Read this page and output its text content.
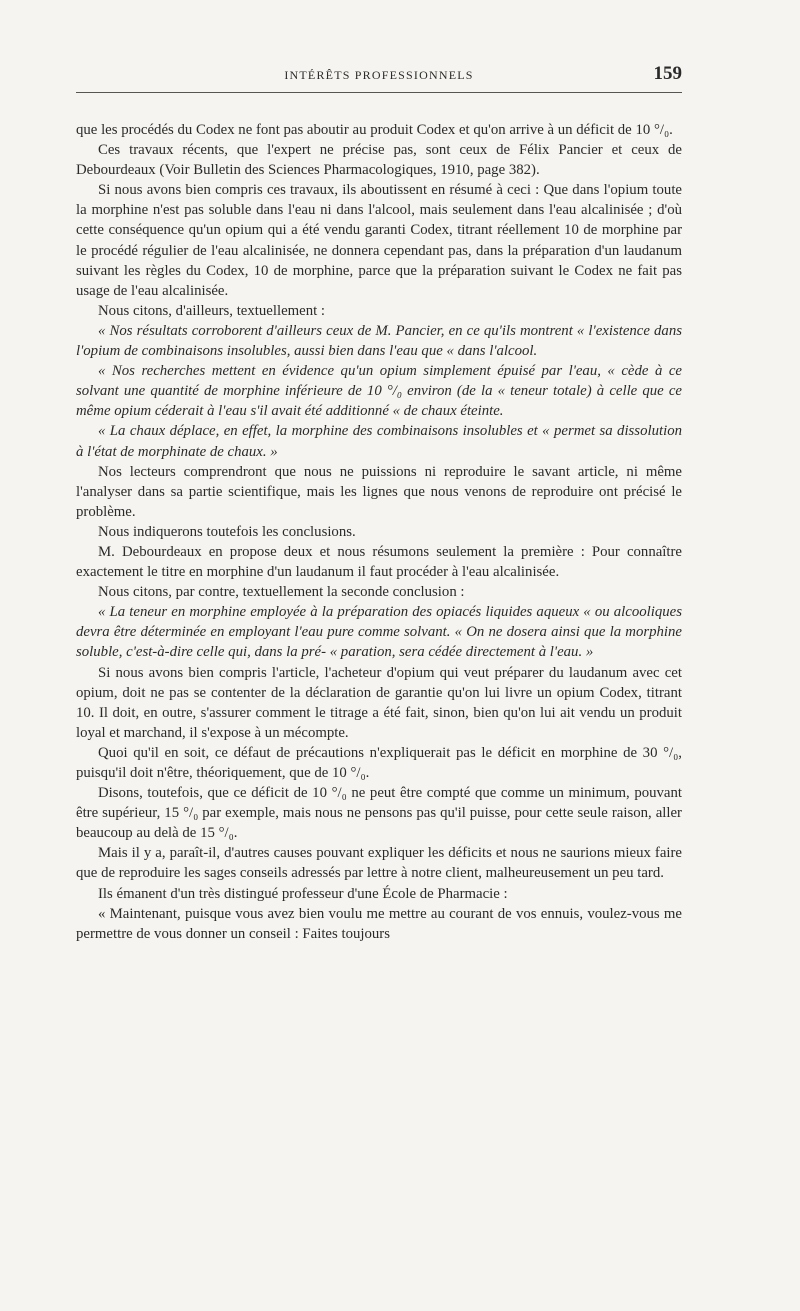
INTÉRÊTS PROFESSIONNELS	159

que les procédés du Codex ne font pas aboutir au produit Codex et qu'on arrive à un déficit de 10 °/₀.

Ces travaux récents, que l'expert ne précise pas, sont ceux de Félix Pancier et ceux de Debourdeaux (Voir Bulletin des Sciences Pharmacologiques, 1910, page 382).

Si nous avons bien compris ces travaux, ils aboutissent en résumé à ceci : Que dans l'opium toute la morphine n'est pas soluble dans l'eau ni dans l'alcool, mais seulement dans l'eau alcalinisée ; d'où cette conséquence qu'un opium qui a été vendu garanti Codex, titrant réellement 10 de morphine par le procédé régulier de l'eau alcalinisée, ne donnera cependant pas, dans la préparation d'un laudanum suivant les règles du Codex, 10 de morphine, parce que la préparation suivant le Codex ne fait pas usage de l'eau alcalinisée.

Nous citons, d'ailleurs, textuellement :

« Nos résultats corroborent d'ailleurs ceux de M. Pancier, en ce qu'ils montrent « l'existence dans l'opium de combinaisons insolubles, aussi bien dans l'eau que « dans l'alcool.

« Nos recherches mettent en évidence qu'un opium simplement épuisé par l'eau, « cède à ce solvant une quantité de morphine inférieure de 10 °/₀ environ (de la « teneur totale) à celle que ce même opium céderait à l'eau s'il avait été additionné « de chaux éteinte.

« La chaux déplace, en effet, la morphine des combinaisons insolubles et « permet sa dissolution à l'état de morphinate de chaux. »

Nos lecteurs comprendront que nous ne puissions ni reproduire le savant article, ni même l'analyser dans sa partie scientifique, mais les lignes que nous venons de reproduire ont précisé le problème.

Nous indiquerons toutefois les conclusions.

M. Debourdeaux en propose deux et nous résumons seulement la première : Pour connaître exactement le titre en morphine d'un laudanum il faut procéder à l'eau alcalinisée.

Nous citons, par contre, textuellement la seconde conclusion :

« La teneur en morphine employée à la préparation des opiacés liquides aqueux « ou alcooliques devra être déterminée en employant l'eau pure comme solvant. « On ne dosera ainsi que la morphine soluble, c'est-à-dire celle qui, dans la pré- « paration, sera cédée directement à l'eau. »

Si nous avons bien compris l'article, l'acheteur d'opium qui veut préparer du laudanum avec cet opium, doit ne pas se contenter de la déclaration de garantie qu'on lui livre un opium Codex, titrant 10. Il doit, en outre, s'assurer comment le titrage a été fait, sinon, bien qu'on lui ait vendu un produit loyal et marchand, il s'expose à un mécompte.

Quoi qu'il en soit, ce défaut de précautions n'expliquerait pas le déficit en morphine de 30 °/₀, puisqu'il doit n'être, théoriquement, que de 10 °/₀.

Disons, toutefois, que ce déficit de 10 °/₀ ne peut être compté que comme un minimum, pouvant être supérieur, 15 °/₀ par exemple, mais nous ne pensons pas qu'il puisse, pour cette seule raison, aller beaucoup au delà de 15 °/₀.

Mais il y a, paraît-il, d'autres causes pouvant expliquer les déficits et nous ne saurions mieux faire que de reproduire les sages conseils adressés par lettre à notre client, malheureusement un peu tard.

Ils émanent d'un très distingué professeur d'une École de Pharmacie :

« Maintenant, puisque vous avez bien voulu me mettre au courant de vos ennuis, voulez-vous me permettre de vous donner un conseil : Faites toujours
